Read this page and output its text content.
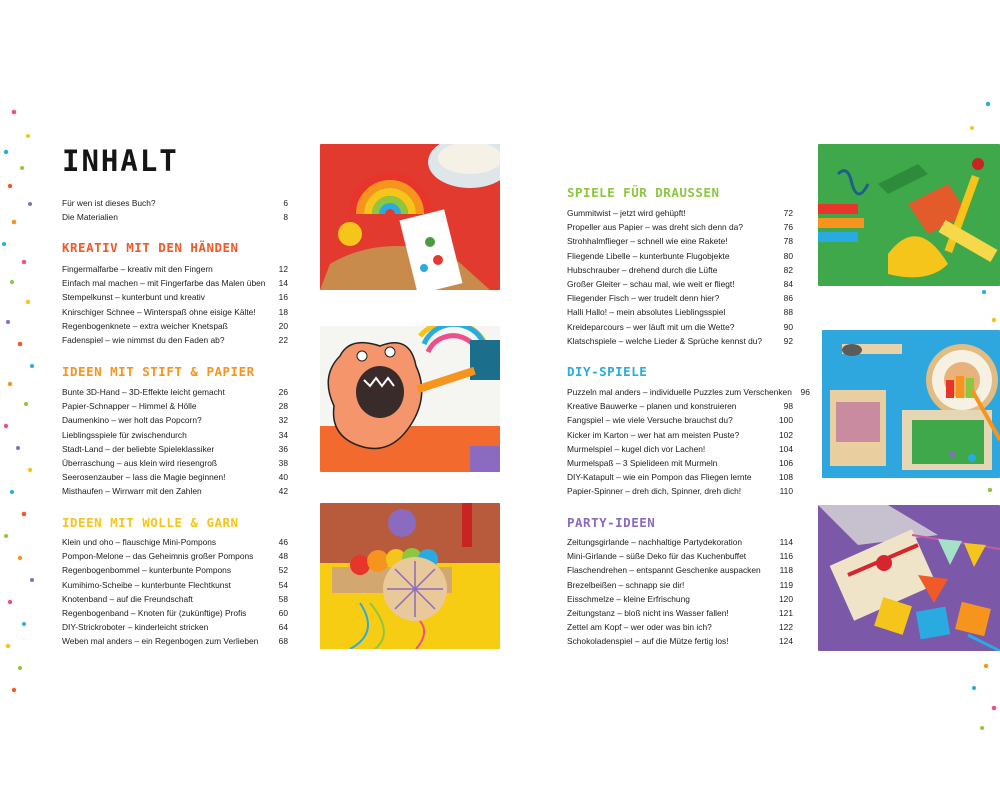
INHALT
Für wen ist dieses Buch?	6
Die Materialien	8
KREATIV MIT DEN HÄNDEN
Fingermalfarbe – kreativ mit den Fingern	12
Einfach mal machen – mit Fingerfarbe das Malen üben	14
Stempelkunst – kunterbunt und kreativ	16
Knirschiger Schnee – Winterspaß ohne eisige Kälte!	18
Regenbogenknete – extra weicher Knetspaß	20
Fadenspiel – wie nimmst du den Faden ab?	22
IDEEN MIT STIFT & PAPIER
Bunte 3D-Hand – 3D-Effekte leicht gemacht	26
Papier-Schnapper – Himmel & Hölle	28
Daumenkino – wer holt das Popcorn?	32
Lieblingsspiele für zwischendurch	34
Stadt-Land – der beliebte Spieleklassiker	36
Überraschung – aus klein wird riesengroß	38
Seerosenzauber – lass die Magie beginnen!	40
Misthaufen – Wirrwarr mit den Zahlen	42
IDEEN MIT WOLLE & GARN
Klein und oho – flauschige Mini-Pompons	46
Pompon-Melone – das Geheimnis großer Pompons	48
Regenbogenbommel – kunterbunte Pompons	52
Kumihimo-Scheibe – kunterbunte Flechtkunst	54
Knotenband – auf die Freundschaft	58
Regenbogenband – Knoten für (zukünftige) Profis	60
DIY-Strickroboter – kinderleicht stricken	64
Weben mal anders – ein Regenbogen zum Verlieben	68
SPIELE FÜR DRAUSSEN
Gummitwist – jetzt wird gehüpft!	72
Propeller aus Papier – was dreht sich denn da?	76
Strohhalmflieger – schnell wie eine Rakete!	78
Fliegende Libelle – kunterbunte Flugobjekte	80
Hubschrauber – drehend durch die Lüfte	82
Großer Gleiter – schau mal, wie weit er fliegt!	84
Fliegender Fisch – wer trudelt denn hier?	86
Halli Hallo! – mein absolutes Lieblingsspiel	88
Kreideparcours – wer läuft mit um die Wette?	90
Klatschspiele – welche Lieder & Sprüche kennst du?	92
DIY-SPIELE
Puzzeln mal anders – individuelle Puzzles zum Verschenken	96
Kreative Bauwerke – planen und konstruieren	98
Fangspiel – wie viele Versuche brauchst du?	100
Kicker im Karton – wer hat am meisten Puste?	102
Murmelspiel – kugel dich vor Lachen!	104
Murmelspaß – 3 Spielideen mit Murmeln	106
DIY-Katapult – wie ein Pompon das Fliegen lernte	108
Papier-Spinner – dreh dich, Spinner, dreh dich!	110
PARTY-IDEEN
Zeitungsgirlande – nachhaltige Partydekoration	114
Mini-Girlande – süße Deko für das Kuchenbuffet	116
Flaschendrehen – entspannt Geschenke auspacken	118
Brezelbeißen – schnapp sie dir!	119
Eisschmelze – kleine Erfrischung	120
Zeitungstanz – bloß nicht ins Wasser fallen!	121
Zettel am Kopf – wer oder was bin ich?	122
Schokoladenspiel – auf die Mütze fertig los!	124
